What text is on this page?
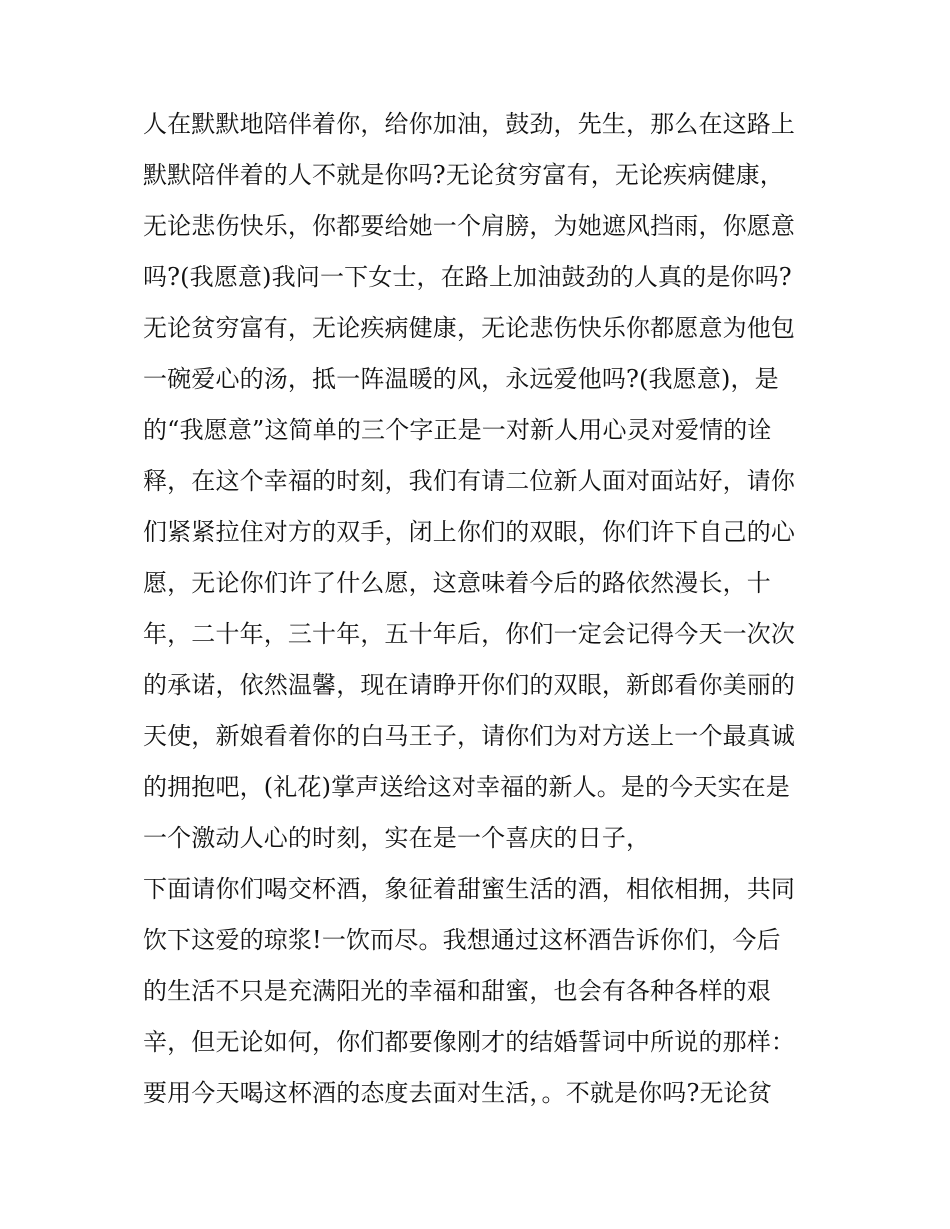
人在默默地陪伴着你，给你加油，鼓劲，先生，那么在这路上
默默陪伴着的人不就是你吗?无论贫穷富有，无论疾病健康，
无论悲伤快乐，你都要给她一个肩膀，为她遮风挡雨，你愿意
吗?(我愿意)我问一下女士，在路上加油鼓劲的人真的是你吗?
无论贫穷富有，无论疾病健康，无论悲伤快乐你都愿意为他包
一碗爱心的汤，抵一阵温暖的风，永远爱他吗?(我愿意)，是
的“我愿意”这简单的三个字正是一对新人用心灵对爱情的诠
释，在这个幸福的时刻，我们有请二位新人面对面站好，请你
们紧紧拉住对方的双手，闭上你们的双眼，你们许下自己的心
愿，无论你们许了什么愿，这意味着今后的路依然漫长，十
年，二十年，三十年，五十年后，你们一定会记得今天一次次
的承诺，依然温馨，现在请睁开你们的双眼，新郎看你美丽的
天使，新娘看着你的白马王子，请你们为对方送上一个最真诚
的拥抱吧，(礼花)掌声送给这对幸福的新人。是的今天实在是
一个激动人心的时刻，实在是一个喜庆的日子，
下面请你们喝交杯酒，象征着甜蜜生活的酒，相依相拥，共同
饮下这爱的琼浆!一饮而尽。我想通过这杯酒告诉你们，今后
的生活不只是充满阳光的幸福和甜蜜，也会有各种各样的艰
辛，但无论如何，你们都要像刚才的结婚誓词中所说的那样：
要用今天喝这杯酒的态度去面对生活，。不就是你吗?无论贫
